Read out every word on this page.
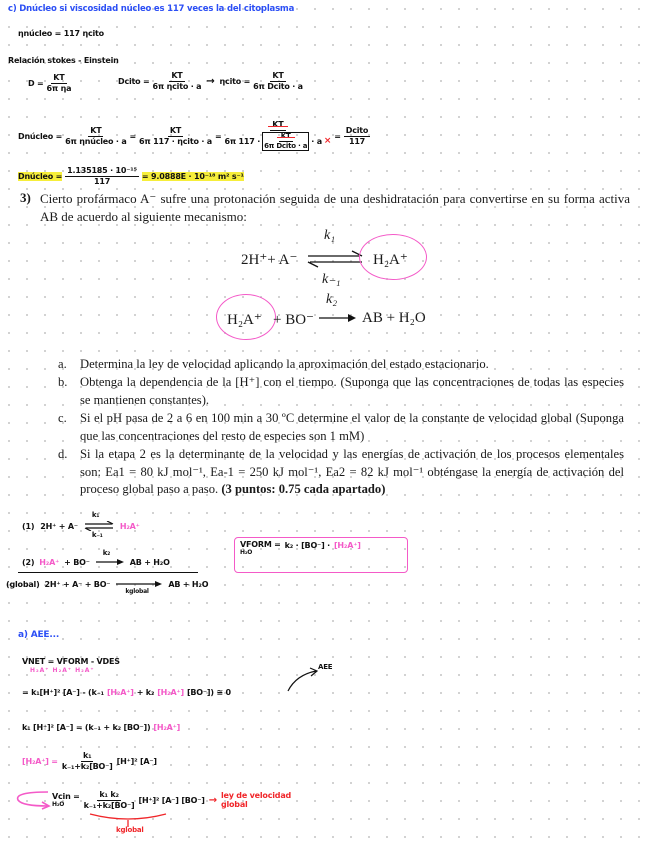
c) Dnúcleo si viscosidad núcleo es 117 veces la del citoplasma
ηnúcleo = 117 ηcito
Relación stokes - Einstein
$D = \frac{KT}{\text{6π ηa}}$	Dcito = $\frac{KT}{\text{6π ηcito · a}}$ → ηcito = $\frac{KT}{\text{6π Dcito · a}}$
Dnúcleo = $\frac{KT}{\text{6π ηnúcleo · a}} = \frac{KT}{\text{6π 117 · ηcito · a}}$ =
KT
6π $117 \cdot \frac{KT}{\text{6π Dcito · a}} \cdot a$ × = $\frac{\text{Dcito}}{117}$
Dnúcleo = $\frac{\text{1.135185 · 10⁻¹⁵}}{117} = 9.0888E \cdot 10^{-18}$ m² s⁻¹
3) Cierto profármaco A⁻ sufre una protonación seguida de una deshidratación para convertirse en su forma activa AB de acuerdo al siguiente mecanismo:
2H⁺+ A⁻
k₁
k₋₁
H₂A⁺
H₂A⁺ + BO⁻
k₂
→ AB + H₂O
a. Determina la ley de velocidad aplicando la aproximación del estado estacionario.
b. Obtenga la dependencia de la [H⁺] con el tiempo. (Suponga que las concentraciones de todas las especies se mantienen constantes).
c. Si el pH pasa de 2 a 6 en 100 min a 30 ºC determine el valor de la constante de velocidad global (Suponga que las concentraciones del resto de especies son 1 mM)
d. Si la etapa 2 es la determinante de la velocidad y las energías de activación de los procesos elementales son: Ea1 = 80 kJ mol⁻¹, Ea-1 = 250 kJ mol⁻¹, Ea2 = 82 kJ mol⁻¹ obténgase la energía de activación del proceso global paso a paso. (3 puntos: 0.75 cada apartado)
(1) 2H⁺ + A⁻
k₁
k₋₁
H₂A⁺
(2) H₂A⁺ + BO⁻
k₂
AB + H₂O
(global) 2H⁺ + A⁻ + BO⁻
kglobal
AB + H₂O
VFORM =
H₂O
k₂ · [BO⁻] · [H₂A⁺]
a) AEE...
VNET = VFORM - VDES
H₂A⁺ H₂A⁺ H₂A⁺	AEE
= k₁[H⁺]² [A⁻] - (k₋₁ [H₂A⁺] + k₂ [H₂A⁺] [BO⁻]) ≅ 0
k₁ [H⁺]² [A⁻] = (k₋₁ + k₂ [BO⁻]) [H₂A⁺]
$[H_2A^+] = \frac{\text{k₁}}{\text{k₋₁+k₂[BO⁻]}} [H^+]^2$ [A⁻]
Vcin =
H₂O	$\frac{\text{k₁ k₂}}{\text{k₋₁+k₂[BO⁻]}} [H^+]^2$ [A⁻] [BO⁻] → ley de velocidad global
kglobal
